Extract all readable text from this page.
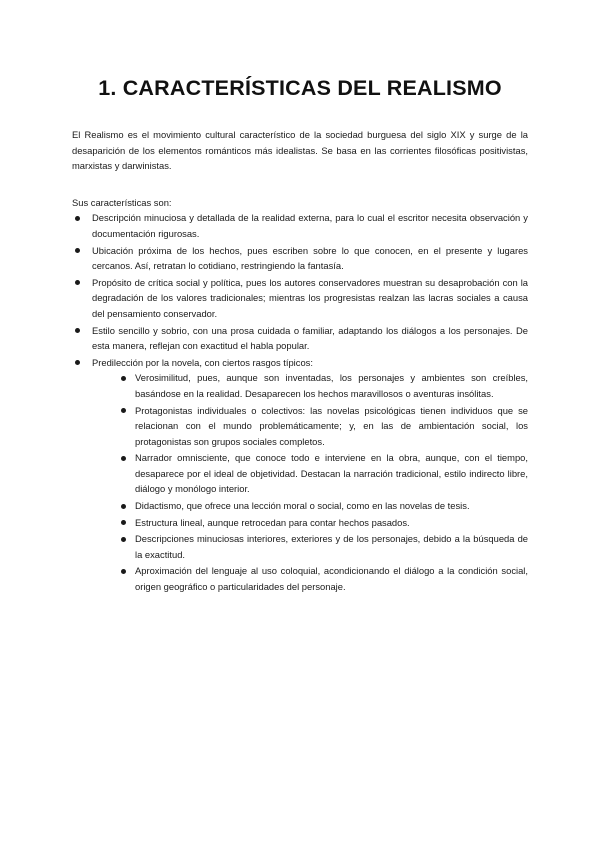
1. CARACTERÍSTICAS DEL REALISMO

El Realismo es el movimiento cultural característico de la sociedad burguesa del siglo XIX y surge de la desaparición de los elementos románticos más idealistas. Se basa en las corrientes filosóficas positivistas, marxistas y darwinistas.

Sus características son:

Descripción minuciosa y detallada de la realidad externa, para lo cual el escritor necesita observación y documentación rigurosas.
Ubicación próxima de los hechos, pues escriben sobre lo que conocen, en el presente y lugares cercanos. Así, retratan lo cotidiano, restringiendo la fantasía.
Propósito de crítica social y política, pues los autores conservadores muestran su desaprobación con la degradación de los valores tradicionales; mientras los progresistas realzan las lacras sociales a causa del pensamiento conservador.
Estilo sencillo y sobrio, con una prosa cuidada o familiar, adaptando los diálogos a los personajes. De esta manera, reflejan con exactitud el habla popular.
Predilección por la novela, con ciertos rasgos típicos:
Verosimilitud, pues, aunque son inventadas, los personajes y ambientes son creíbles, basándose en la realidad. Desaparecen los hechos maravillosos o aventuras insólitas.
Protagonistas individuales o colectivos: las novelas psicológicas tienen individuos que se relacionan con el mundo problemáticamente; y, en las de ambientación social, los protagonistas son grupos sociales completos.
Narrador omnisciente, que conoce todo e interviene en la obra, aunque, con el tiempo, desaparece por el ideal de objetividad. Destacan la narración tradicional, estilo indirecto libre, diálogo y monólogo interior.
Didactismo, que ofrece una lección moral o social, como en las novelas de tesis.
Estructura lineal, aunque retrocedan para contar hechos pasados.
Descripciones minuciosas interiores, exteriores y de los personajes, debido a la búsqueda de la exactitud.
Aproximación del lenguaje al uso coloquial, acondicionando el diálogo a la condición social, origen geográfico o particularidades del personaje.
